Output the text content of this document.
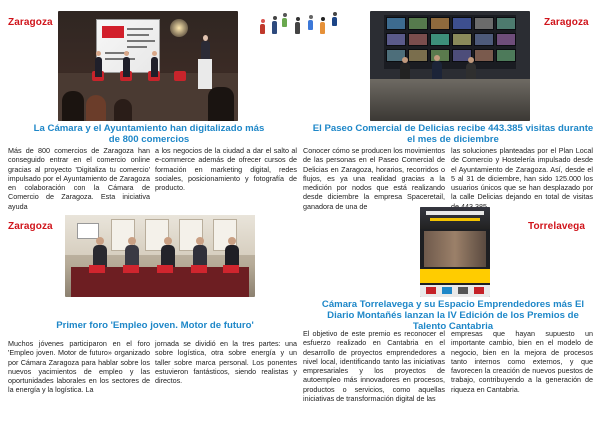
Zaragoza
La Cámara y el Ayuntamiento han digitalizado más de 800 comercios
Más de 800 comercios de Zaragoza han conseguido entrar en el comercio online gracias al proyecto 'Digitaliza tu comercio' impulsado por el Ayuntamiento de Zaragoza en colaboración con la Cámara de Comercio de Zaragoza. Esta iniciativa ayuda
a los negocios de la ciudad a dar el salto al e-commerce además de ofrecer cursos de formación en marketing digital, redes sociales, posicionamiento y fotografía de producto.
Zaragoza
El Paseo Comercial de Delicias recibe 443.385 visitas durante el mes de diciembre
Conocer cómo se producen los movimientos de las personas en el Paseo Comercial de Delicias en Zaragoza, horarios, recorridos o flujos, es ya una realidad gracias a la medición por nodos que está realizando desde diciembre la empresa Spaceretail, ganadora de una de
las soluciones planteadas por el Plan Local de Comercio y Hostelería impulsado desde el Ayuntamiento de Zaragoza. Así, desde el 5 al 31 de diciembre, han sido 125.000 los usuarios únicos que se han desplazado por la calle Delicias dejando en total de visitas
Zaragoza
Primer foro 'Empleo joven. Motor de futuro'
Muchos jóvenes participaron en el foro 'Empleo joven. Motor de futuro» organizado por Cámara Zaragoza para hablar sobre los nuevos yacimientos de empleo y las oportunidades laborales en los sectores de la energía y la logística. La
jornada se dividió en la tres partes: una sobre logística, otra sobre energía y un taller sobre marca personal. Los ponentes estuvieron fantásticos, siendo realistas y directos.
Torrelavega
Cámara Torrelavega y su Espacio Emprendedores más El Diario Montañés lanzan la IV Edición de los Premios de Talento Cantabria
El objetivo de este premio es reconocer el esfuerzo realizado en Cantabria en el desarrollo de proyectos emprendedores a nivel local, identificando tanto las iniciativas empresariales y los proyectos de autoempleo más innovadores en procesos, productos o servicios, como aquellas iniciativas de transformación digital de las
empresas que hayan supuesto un importante cambio, bien en el modelo de negocio, bien en la mejora de procesos tanto internos como externos, y que favorecen la creación de nuevos puestos de trabajo, contribuyendo a la generación de riqueza en Cantabria.
